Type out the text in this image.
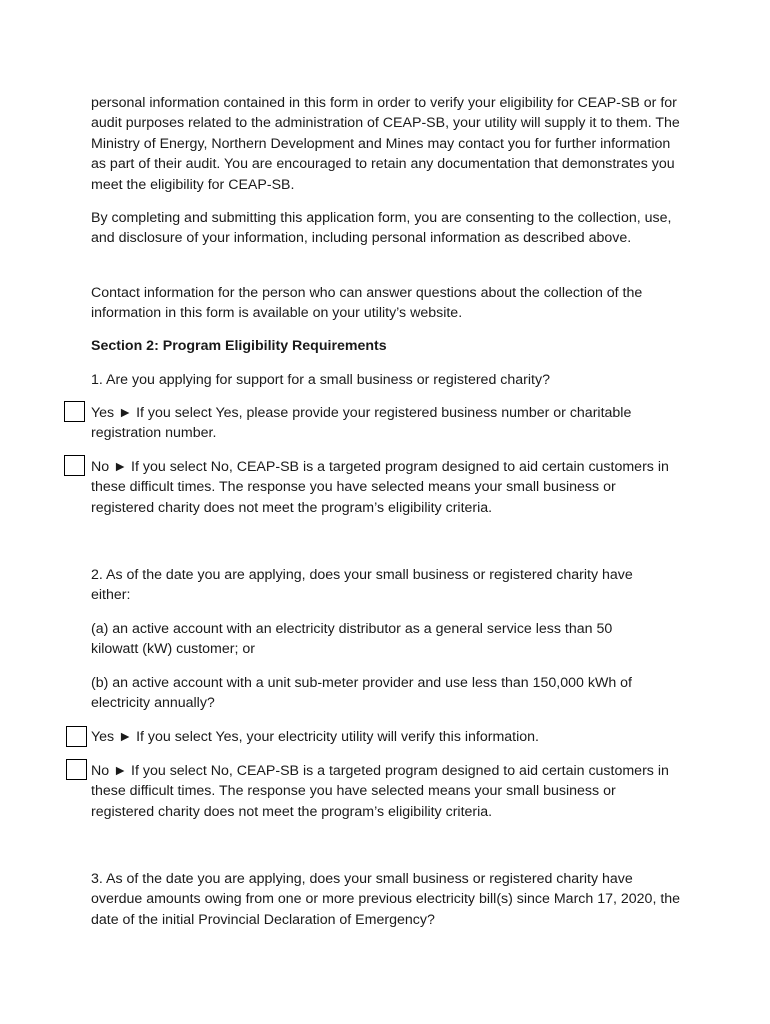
personal information contained in this form in order to verify your eligibility for CEAP-SB or for audit purposes related to the administration of CEAP-SB, your utility will supply it to them. The Ministry of Energy, Northern Development and Mines may contact you for further information as part of their audit. You are encouraged to retain any documentation that demonstrates you meet the eligibility for CEAP-SB.

By completing and submitting this application form, you are consenting to the collection, use, and disclosure of your information, including personal information as described above.

Contact information for the person who can answer questions about the collection of the information in this form is available on your utility’s website.

Section 2: Program Eligibility Requirements

1. Are you applying for support for a small business or registered charity?

Yes ► If you select Yes, please provide your registered business number or charitable registration number.

No ► If you select No, CEAP-SB is a targeted program designed to aid certain customers in these difficult times. The response you have selected means your small business or registered charity does not meet the program’s eligibility criteria.

2. As of the date you are applying, does your small business or registered charity have either:

(a) an active account with an electricity distributor as a general service less than 50 kilowatt (kW) customer; or

(b) an active account with a unit sub-meter provider and use less than 150,000 kWh of electricity annually?

Yes ► If you select Yes, your electricity utility will verify this information.

No ► If you select No, CEAP-SB is a targeted program designed to aid certain customers in these difficult times. The response you have selected means your small business or registered charity does not meet the program’s eligibility criteria.

3. As of the date you are applying, does your small business or registered charity have overdue amounts owing from one or more previous electricity bill(s) since March 17, 2020, the date of the initial Provincial Declaration of Emergency?
